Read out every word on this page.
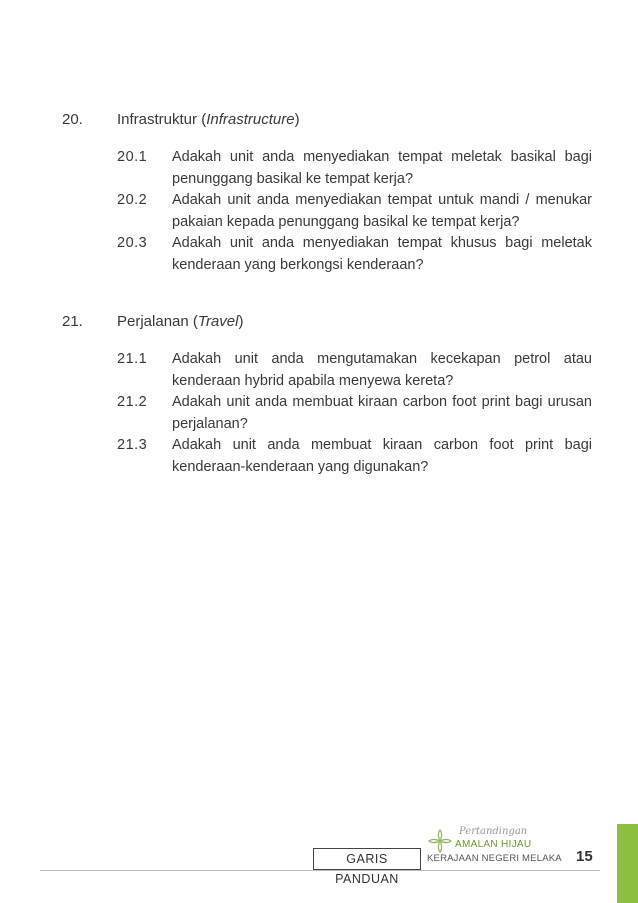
20.	Infrastruktur (Infrastructure)
20.1	Adakah unit anda menyediakan tempat meletak basikal bagi penunggang basikal ke tempat kerja?
20.2	Adakah unit anda menyediakan tempat untuk mandi / menukar pakaian kepada penunggang basikal ke tempat kerja?
20.3	Adakah unit anda menyediakan tempat khusus bagi meletak kenderaan yang berkongsi kenderaan?
21.	Perjalanan (Travel)
21.1	Adakah unit anda mengutamakan kecekapan petrol atau kenderaan hybrid apabila menyewa kereta?
21.2	Adakah unit anda membuat kiraan carbon foot print bagi urusan perjalanan?
21.3	Adakah unit anda membuat kiraan carbon foot print bagi kenderaan-kenderaan yang digunakan?
GARIS PANDUAN
Pertandingan
AMALAN HIJAU
KERAJAAN NEGERI MELAKA 15
